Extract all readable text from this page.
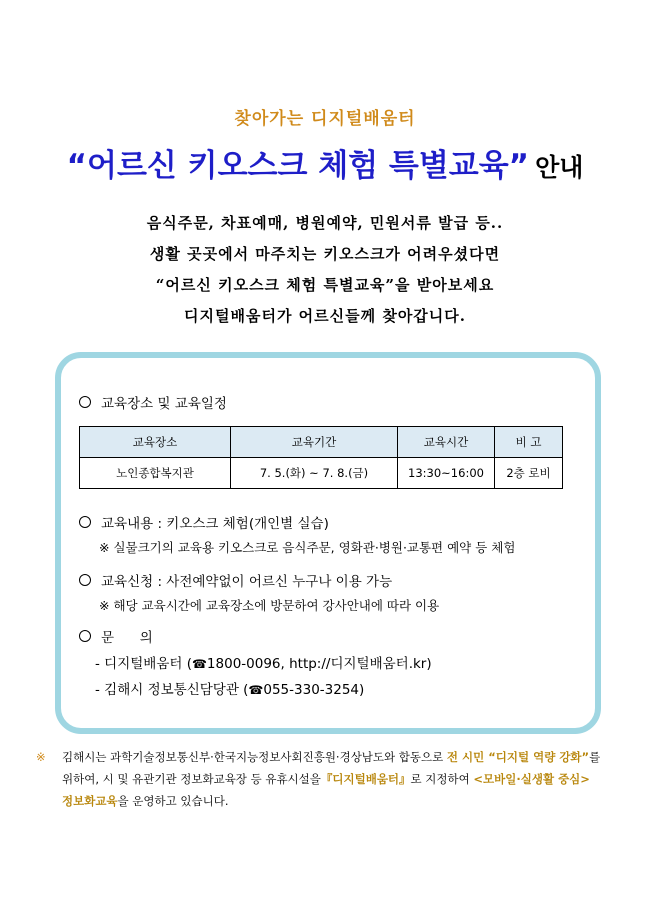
찾아가는 디지털배움터
“어르신 키오스크 체험 특별교육” 안내
음식주문, 차표예매, 병원예약, 민원서류 발급 등..
생활 곳곳에서 마주치는 키오스크가 어려우셨다면
“어르신 키오스크 체험 특별교육”을 받아보세요
디지털배움터가 어르신들께 찾아갑니다.
교육장소 및 교육일정
교육장소	교육기간	교육시간	비 고
노인종합복지관	7. 5.(화) ~ 7. 8.(금)	13:30~16:00	2층 로비
교육내용 : 키오스크 체험(개인별 실습)
※ 실물크기의 교육용 키오스크로 음식주문, 영화관·병원·교통편 예약 등 체험
교육신청 : 사전예약없이 어르신 누구나 이용 가능
※ 해당 교육시간에 교육장소에 방문하여 강사안내에 따라 이용
문      의
- 디지털배움터 (☎1800-0096, http://디지털배움터.kr)
- 김해시 정보통신담당관 (☎055-330-3254)
※ 김해시는 과학기술정보통신부·한국지능정보사회진흥원·경상남도와 합동으로 전 시민 “디지털 역량 강화”를 위하여, 시 및 유관기관 정보화교육장 등 유휴시설을『디지털배움터』로 지정하여 <모바일·실생활 중심> 정보화교육을 운영하고 있습니다.
